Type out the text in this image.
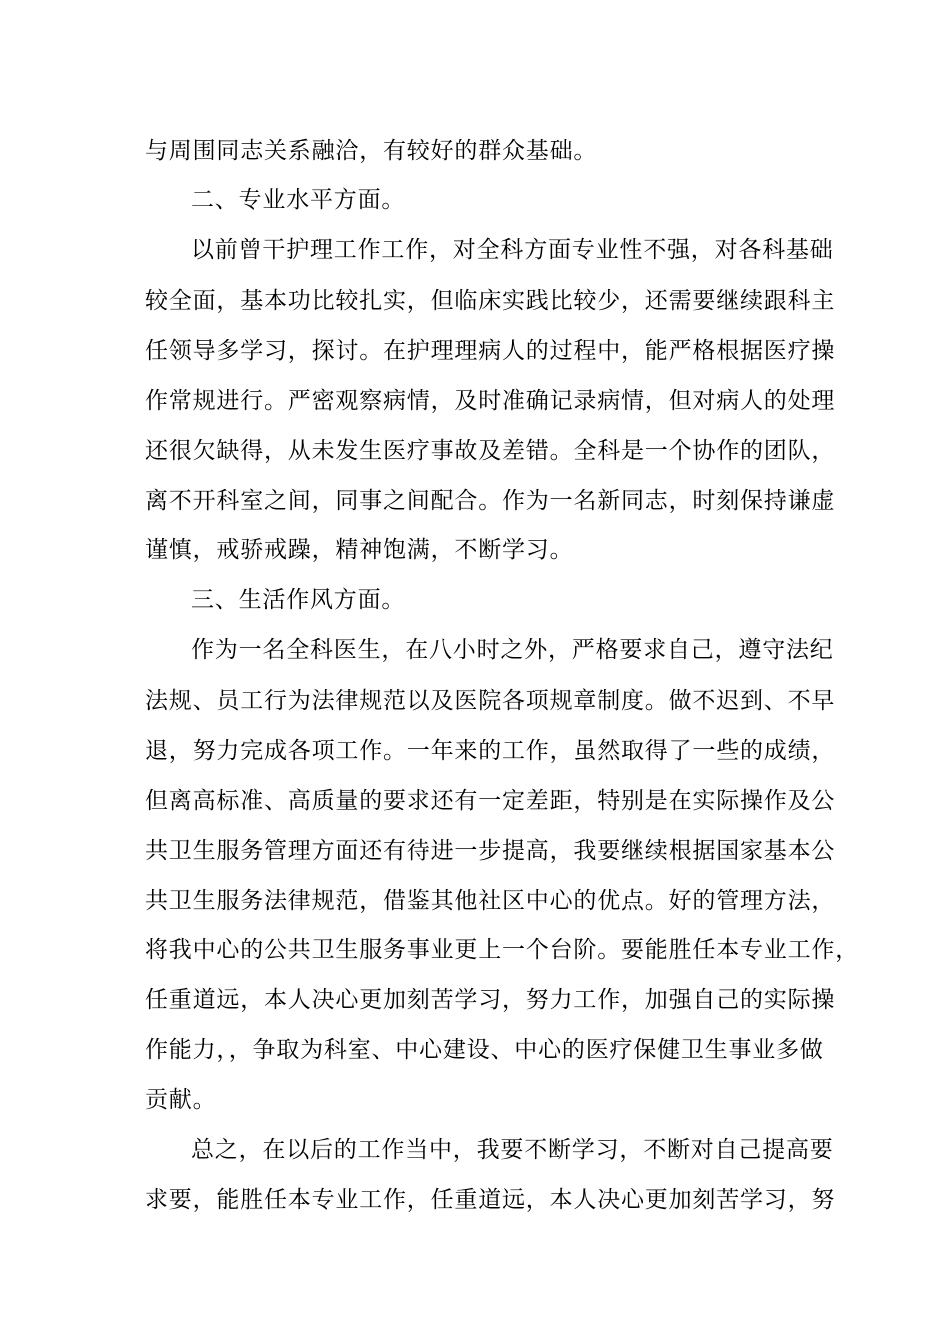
与周围同志关系融洽，有较好的群众基础。
二、专业水平方面。
以前曾干护理工作工作，对全科方面专业性不强，对各科基础
较全面，基本功比较扎实，但临床实践比较少，还需要继续跟科主
任领导多学习，探讨。在护理理病人的过程中，能严格根据医疗操
作常规进行。严密观察病情，及时准确记录病情，但对病人的处理
还很欠缺得，从未发生医疗事故及差错。全科是一个协作的团队，
离不开科室之间，同事之间配合。作为一名新同志，时刻保持谦虚
谨慎，戒骄戒躁，精神饱满，不断学习。
三、生活作风方面。
作为一名全科医生，在八小时之外，严格要求自己，遵守法纪
法规、员工行为法律规范以及医院各项规章制度。做不迟到、不早
退，努力完成各项工作。一年来的工作，虽然取得了一些的成绩，
但离高标准、高质量的要求还有一定差距，特别是在实际操作及公
共卫生服务管理方面还有待进一步提高，我要继续根据国家基本公
共卫生服务法律规范，借鉴其他社区中心的优点。好的管理方法，
将我中心的公共卫生服务事业更上一个台阶。要能胜任本专业工作，
任重道远，本人决心更加刻苦学习，努力工作，加强自己的实际操
作能力，，争取为科室、中心建设、中心的医疗保健卫生事业多做
贡献。
总之，在以后的工作当中，我要不断学习，不断对自己提高要
求要，能胜任本专业工作，任重道远，本人决心更加刻苦学习，努
